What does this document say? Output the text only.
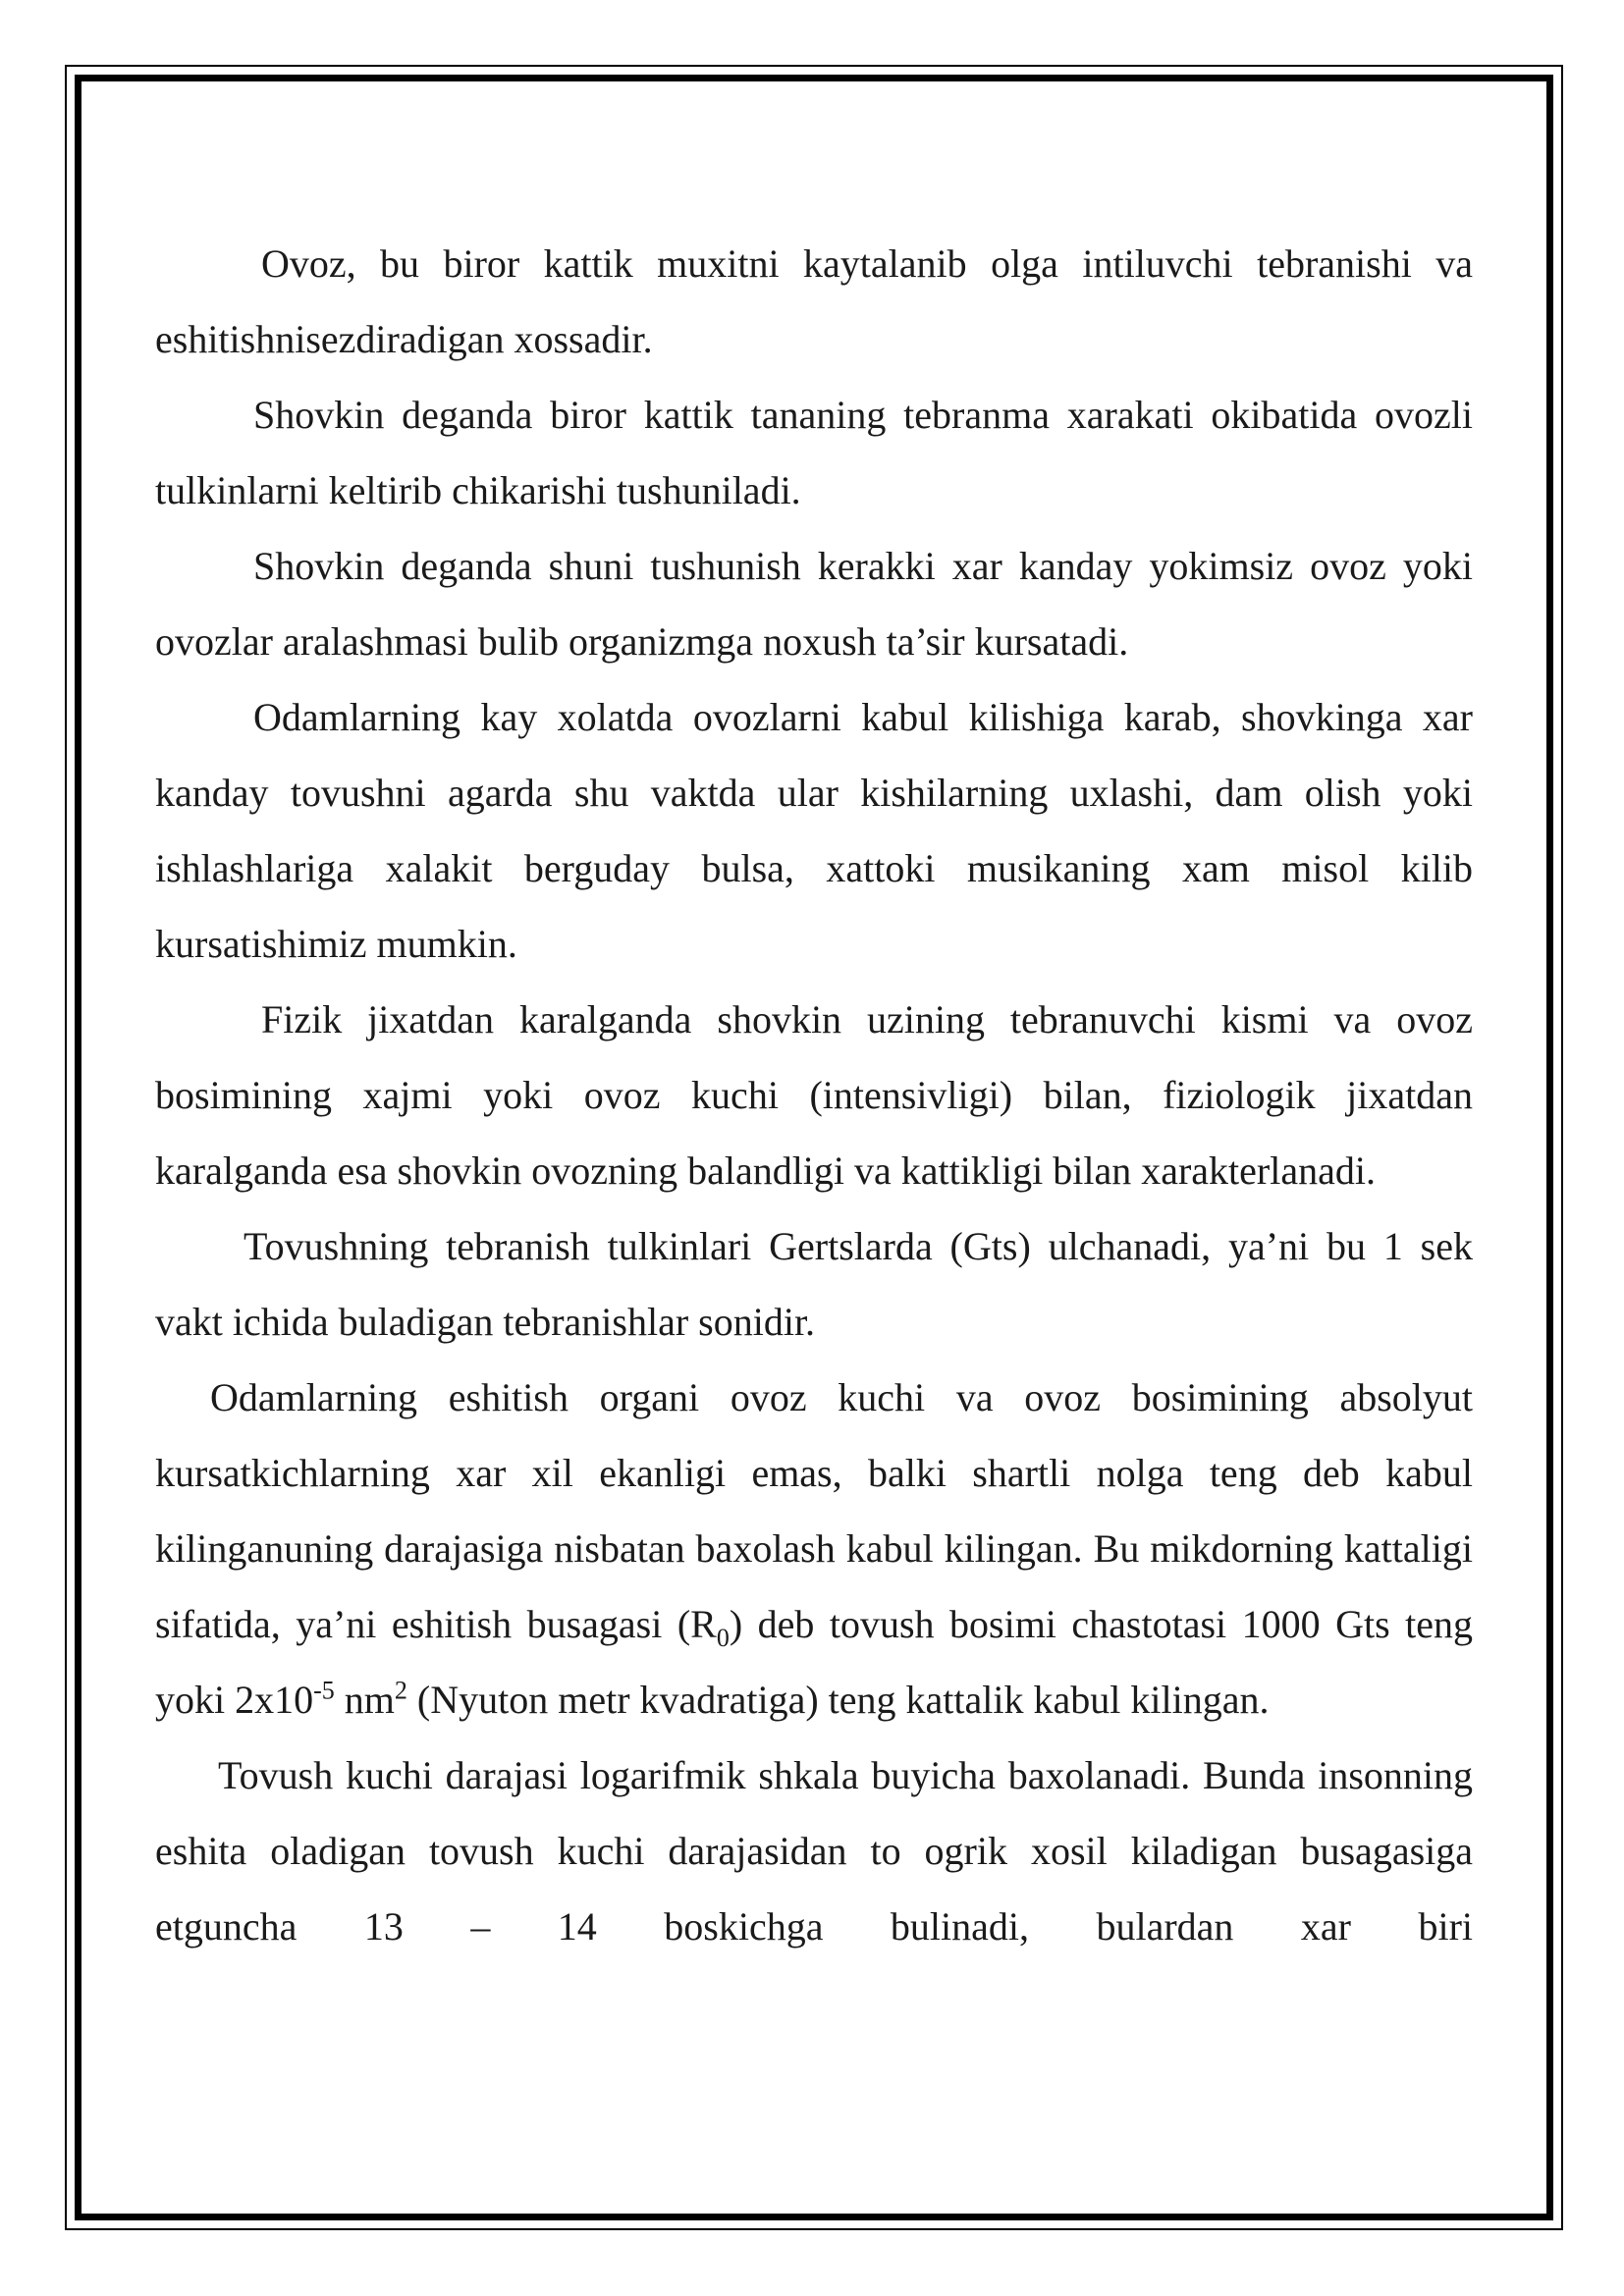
Ovoz, bu biror kattik muxitni kaytalanib olga intiluvchi tebranishi va eshitishnisezdiradigan xossadir.

Shovkin deganda biror kattik tananing tebranma xarakati okibatida ovozli tulkinlarni keltirib chikarishi tushuniladi.

Shovkin deganda shuni tushunish kerakki xar kanday yokimsiz ovoz yoki ovozlar aralashmasi bulib organizmga noxush ta’sir kursatadi.

Odamlarning kay xolatda ovozlarni kabul kilishiga karab, shovkinga xar kanday tovushni agarda shu vaktda ular kishilarning uxlashi, dam olish yoki ishlashlariga xalakit berguday bulsa, xattoki musikaning xam misol kilib kursatishimiz mumkin.

Fizik jixatdan karalganda shovkin uzining tebranuvchi kismi va ovoz bosimining xajmi yoki ovoz kuchi (intensivligi) bilan, fiziologik jixatdan karalganda esa shovkin ovozning balandligi va kattikligi bilan xarakterlanadi.

Tovushning tebranish tulkinlari Gertslarda (Gts) ulchanadi, ya’ni bu 1 sek vakt ichida buladigan tebranishlar sonidir.

Odamlarning eshitish organi ovoz kuchi va ovoz bosimining absolyut kursatkichlarning xar xil ekanligi emas, balki shartli nolga teng deb kabul kilinganuning darajasiga nisbatan baxolash kabul kilingan. Bu mikdorning kattaligi sifatida, ya’ni eshitish busagasi $(R_0)$ deb tovush bosimi chastotasi 1000 Gts teng yoki $2x10^{-5}$ $nm^2$ (Nyuton metr kvadratiga) teng kattalik kabul kilingan.

Tovush kuchi darajasi logarifmik shkala buyicha baxolanadi. Bunda insonning eshita oladigan tovush kuchi darajasidan to ogrik xosil kiladigan busagasiga etguncha 13 – 14 boskichga bulinadi, bulardan xar biri
